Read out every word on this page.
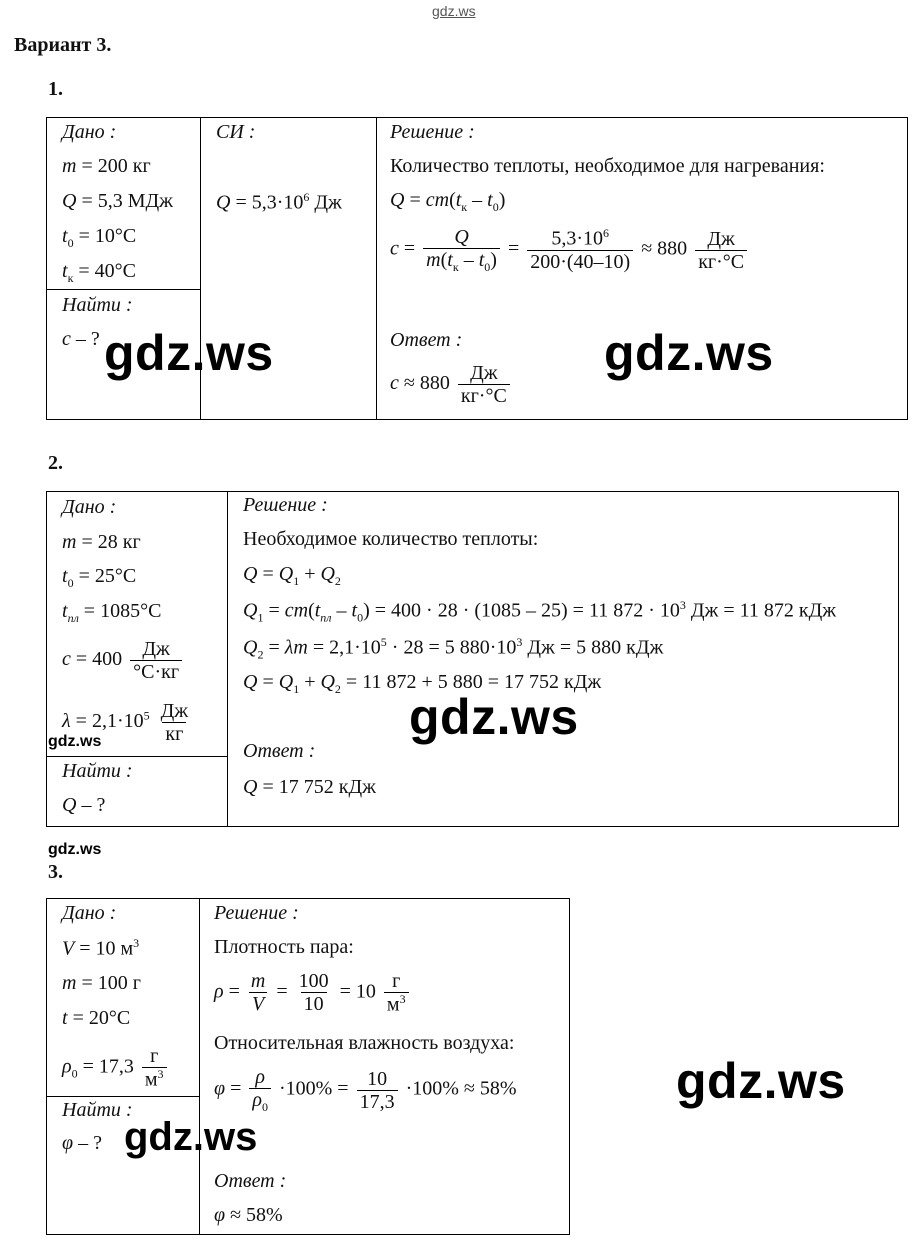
gdz.ws
Вариант 3.
1.
Дано :
m = 200 кг
Q = 5,3 МДж
$t_0 = 10^\circ C$
$t_к = 40^\circ C$
Найти :
c – ?
СИ :
$Q = 5,3\cdot 10^6$ Дж
Решение :
Количество теплоты, необходимое для нагревания:
$Q = cm(t_к - t_0)$
$c = \frac{Q}{m(t_к - t_0)} = \frac{5,3\cdot 10^6}{200\cdot(40-10)} \approx 880 \frac{Дж}{кг\cdot^\circ C}$
Ответ :
$c \approx 880 \frac{Дж}{кг\cdot^\circ C}$
gdz.ws	gdz.ws
2.
Дано :
m = 28 кг
$t_0 = 25^\circ C$
$t_{пл} = 1085^\circ C$
$c = 400 \frac{Дж}{^\circ C\cdot кг}$
$\lambda = 2,1\cdot 10^5 \frac{Дж}{кг}$
Найти :
Q – ?
Решение :
Необходимое количество теплоты:
$Q = Q_1 + Q_2$
$Q_1 = cm(t_{пл} - t_0) = 400 \cdot 28 \cdot (1085 - 25) = 11$ $872 \cdot 10^3$ Дж = 11 872 кДж
$Q_2 = \lambda m = 2,1\cdot 10^5 \cdot 28 = 5$ $880\cdot 10^3$ Дж = 5 880 кДж
$Q = Q_1 + Q_2 = 11$ 872 + 5 880 = 17 752 кДж
Ответ :
Q = 17 752 кДж
gdz.ws
gdz.ws
gdz.ws
3.
Дано :
V = 10 $м^3$
m = 100 г
t = 20°C
$\rho_0 = 17,3 \frac{г}{м^3}$
Найти :
φ – ?
Решение :
Плотность пара:
$\rho = \frac{m}{V} = \frac{100}{10} = 10 \frac{г}{м^3}$
Относительная влажность воздуха:
$\varphi = \frac{\rho}{\rho_0} \cdot 100\% = \frac{10}{17,3} \cdot 100\% \approx 58\%$
Ответ :
φ ≈ 58%
gdz.ws
gdz.ws
